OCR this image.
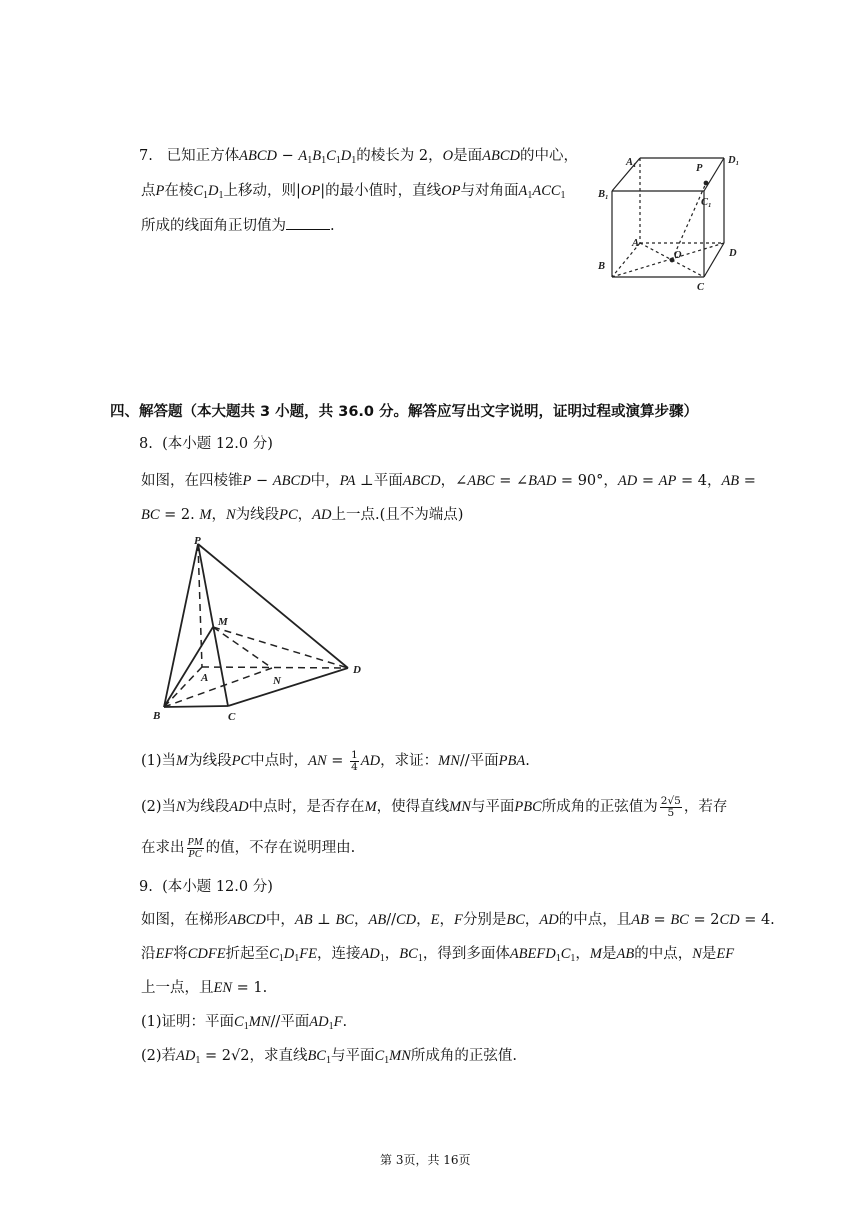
7. 已知正方体ABCD − $A_1B_1C_1D_1$的棱长为 2，O是面ABCD的中心，
点P在棱$C_1D_1$上移动，则|OP|的最小值时，直线OP与对角面$A_1ACC_1$
所成的线面角正切值为	.
A₁
P
D₁
B₁
C₁
A
O	D
B
C
四、解答题（本大题共 3 小题，共 36.0 分。解答应写出文字说明，证明过程或演算步骤）
8. (本小题 12.0 分)
如图，在四棱锥P − ABCD中，PA ⊥平面ABCD，∠ABC = ∠BAD = 90°，AD = AP = 4，AB =
BC = 2. M，N为线段PC，AD上一点.(且不为端点)
P
M
A	N
D
B	C
(1)当M为线段PC中点时，AN = $\frac{1}{4}$ AD，求证：MN//平面PBA.
(2)当N为线段AD中点时，是否存在M，使得直线MN与平面PBC所成角的正弦值为 $\frac{2√5}{5}$ ，若存
在求出 $\frac{PM}{PC}$ 的值，不存在说明理由.
9. (本小题 12.0 分)
如图，在梯形ABCD中，AB ⊥ BC，AB//CD，E，F分别是BC，AD的中点，且AB = BC = 2CD = 4.
沿EF将CDFE折起至$C_1D_1FE$，连接$AD_1$，$BC_1$，得到多面体$ABEFD_1C_1$，M是AB的中点，N是EF
上一点，且EN = 1.
(1)证明：平面$C_1MN//$平面$AD_1F$.
(2)若$AD_1 = 2√2$，求直线$BC_1$与平面$C_1MN$所成角的正弦值.
第 3页，共 16页
